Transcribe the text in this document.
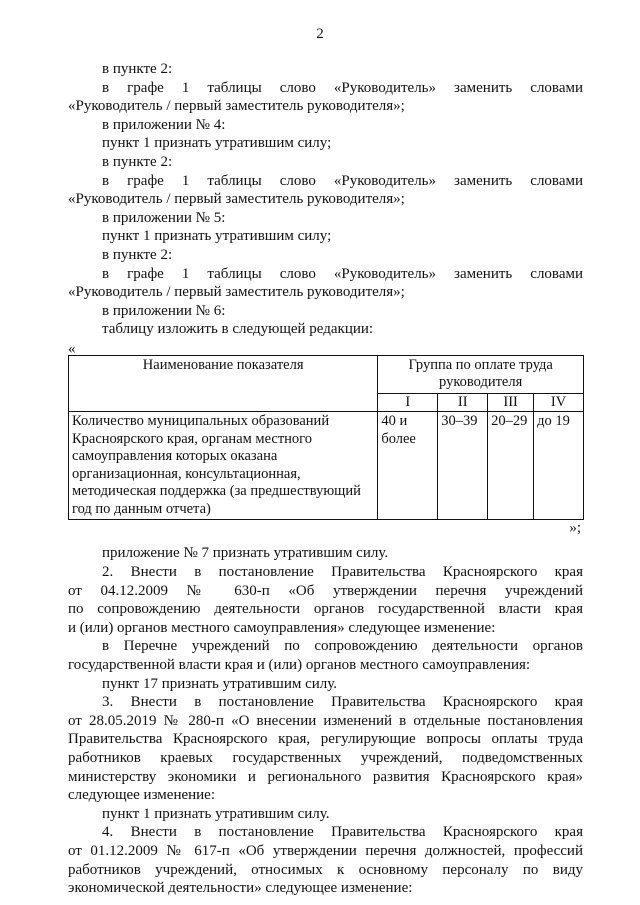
2

в пункте 2:

в графе 1 таблицы слово «Руководитель» заменить словами

«Руководитель / первый заместитель руководителя»;

в приложении № 4:

пункт 1 признать утратившим силу;

в пункте 2:

в графе 1 таблицы слово «Руководитель» заменить словами

«Руководитель / первый заместитель руководителя»;

в приложении № 5:

пункт 1 признать утратившим силу;

в пункте 2:

в графе 1 таблицы слово «Руководитель» заменить словами

«Руководитель / первый заместитель руководителя»;

в приложении № 6:

таблицу изложить в следующей редакции:

«

Наименование показателя	Группа по оплате труда руководителя			
	I	II	III	IV
Количество муниципальных образований Красноярского края, органам местного самоуправления которых оказана организационная, консультационная, методическая поддержка (за предшествующий год по данным отчета)	40 и более	30–39	20–29	до 19

»;

приложение № 7 признать утратившим силу.

2. Внести в постановление Правительства Красноярского края

от 04.12.2009 № 630-п «Об утверждении перечня учреждений

по сопровождению деятельности органов государственной власти края

и (или) органов местного самоуправления» следующее изменение:

в Перечне учреждений по сопровождению деятельности органов

государственной власти края и (или) органов местного самоуправления:

пункт 17 признать утратившим силу.

3. Внести в постановление Правительства Красноярского края

от 28.05.2019 № 280-п «О внесении изменений в отдельные постановления

Правительства Красноярского края, регулирующие вопросы оплаты труда

работников краевых государственных учреждений, подведомственных

министерству экономики и регионального развития Красноярского края»

следующее изменение:

пункт 1 признать утратившим силу.

4. Внести в постановление Правительства Красноярского края

от 01.12.2009 № 617-п «Об утверждении перечня должностей, профессий

работников учреждений, относимых к основному персоналу по виду

экономической деятельности» следующее изменение:
